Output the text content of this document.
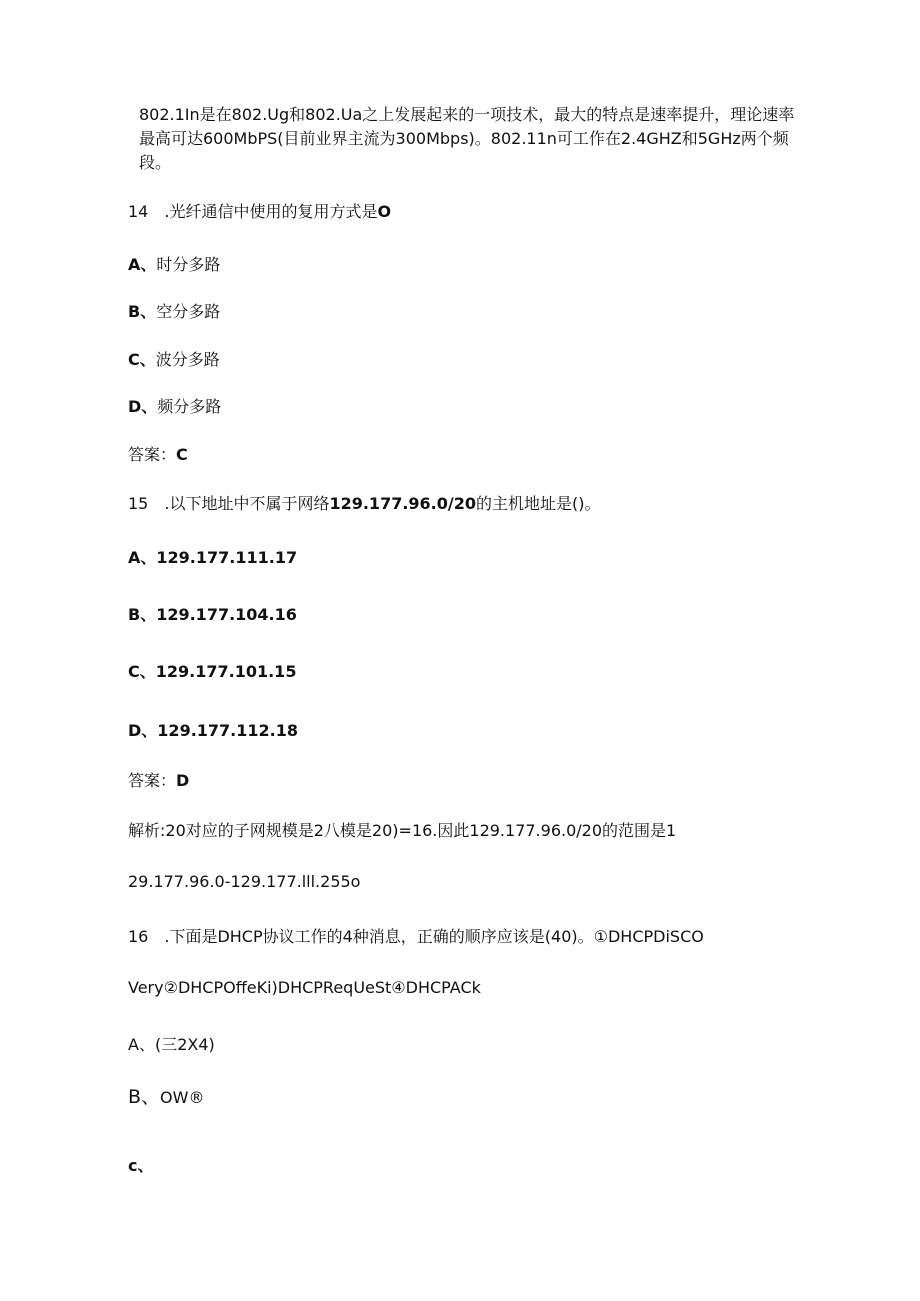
802.1In是在802.Ug和802.Ua之上发展起来的一项技术，最大的特点是速率提升，理论速率最高可达600MbPS(目前业界主流为300Mbps)。802.11n可工作在2.4GHZ和5GHz两个频段。
14 .光纤通信中使用的复用方式是O
A、时分多路
B、空分多路
C、波分多路
D、频分多路
答案：C
15 .以下地址中不属于网络129.177.96.0/20的主机地址是()。
A、129.177.111.17
B、129.177.104.16
C、129.177.101.15
D、129.177.112.18
答案：D
解析:20对应的子网规模是2八模是20)=16.因此129.177.96.0/20的范围是1
29.177.96.0-129.177.lll.255o
16 .下面是DHCP协议工作的4种消息，正确的顺序应该是(40)。①DHCPDiSCO
Very②DHCPOffeKi)DHCPReqUeSt④DHCPACk
A、(三2X4)
B、OW®
c、
